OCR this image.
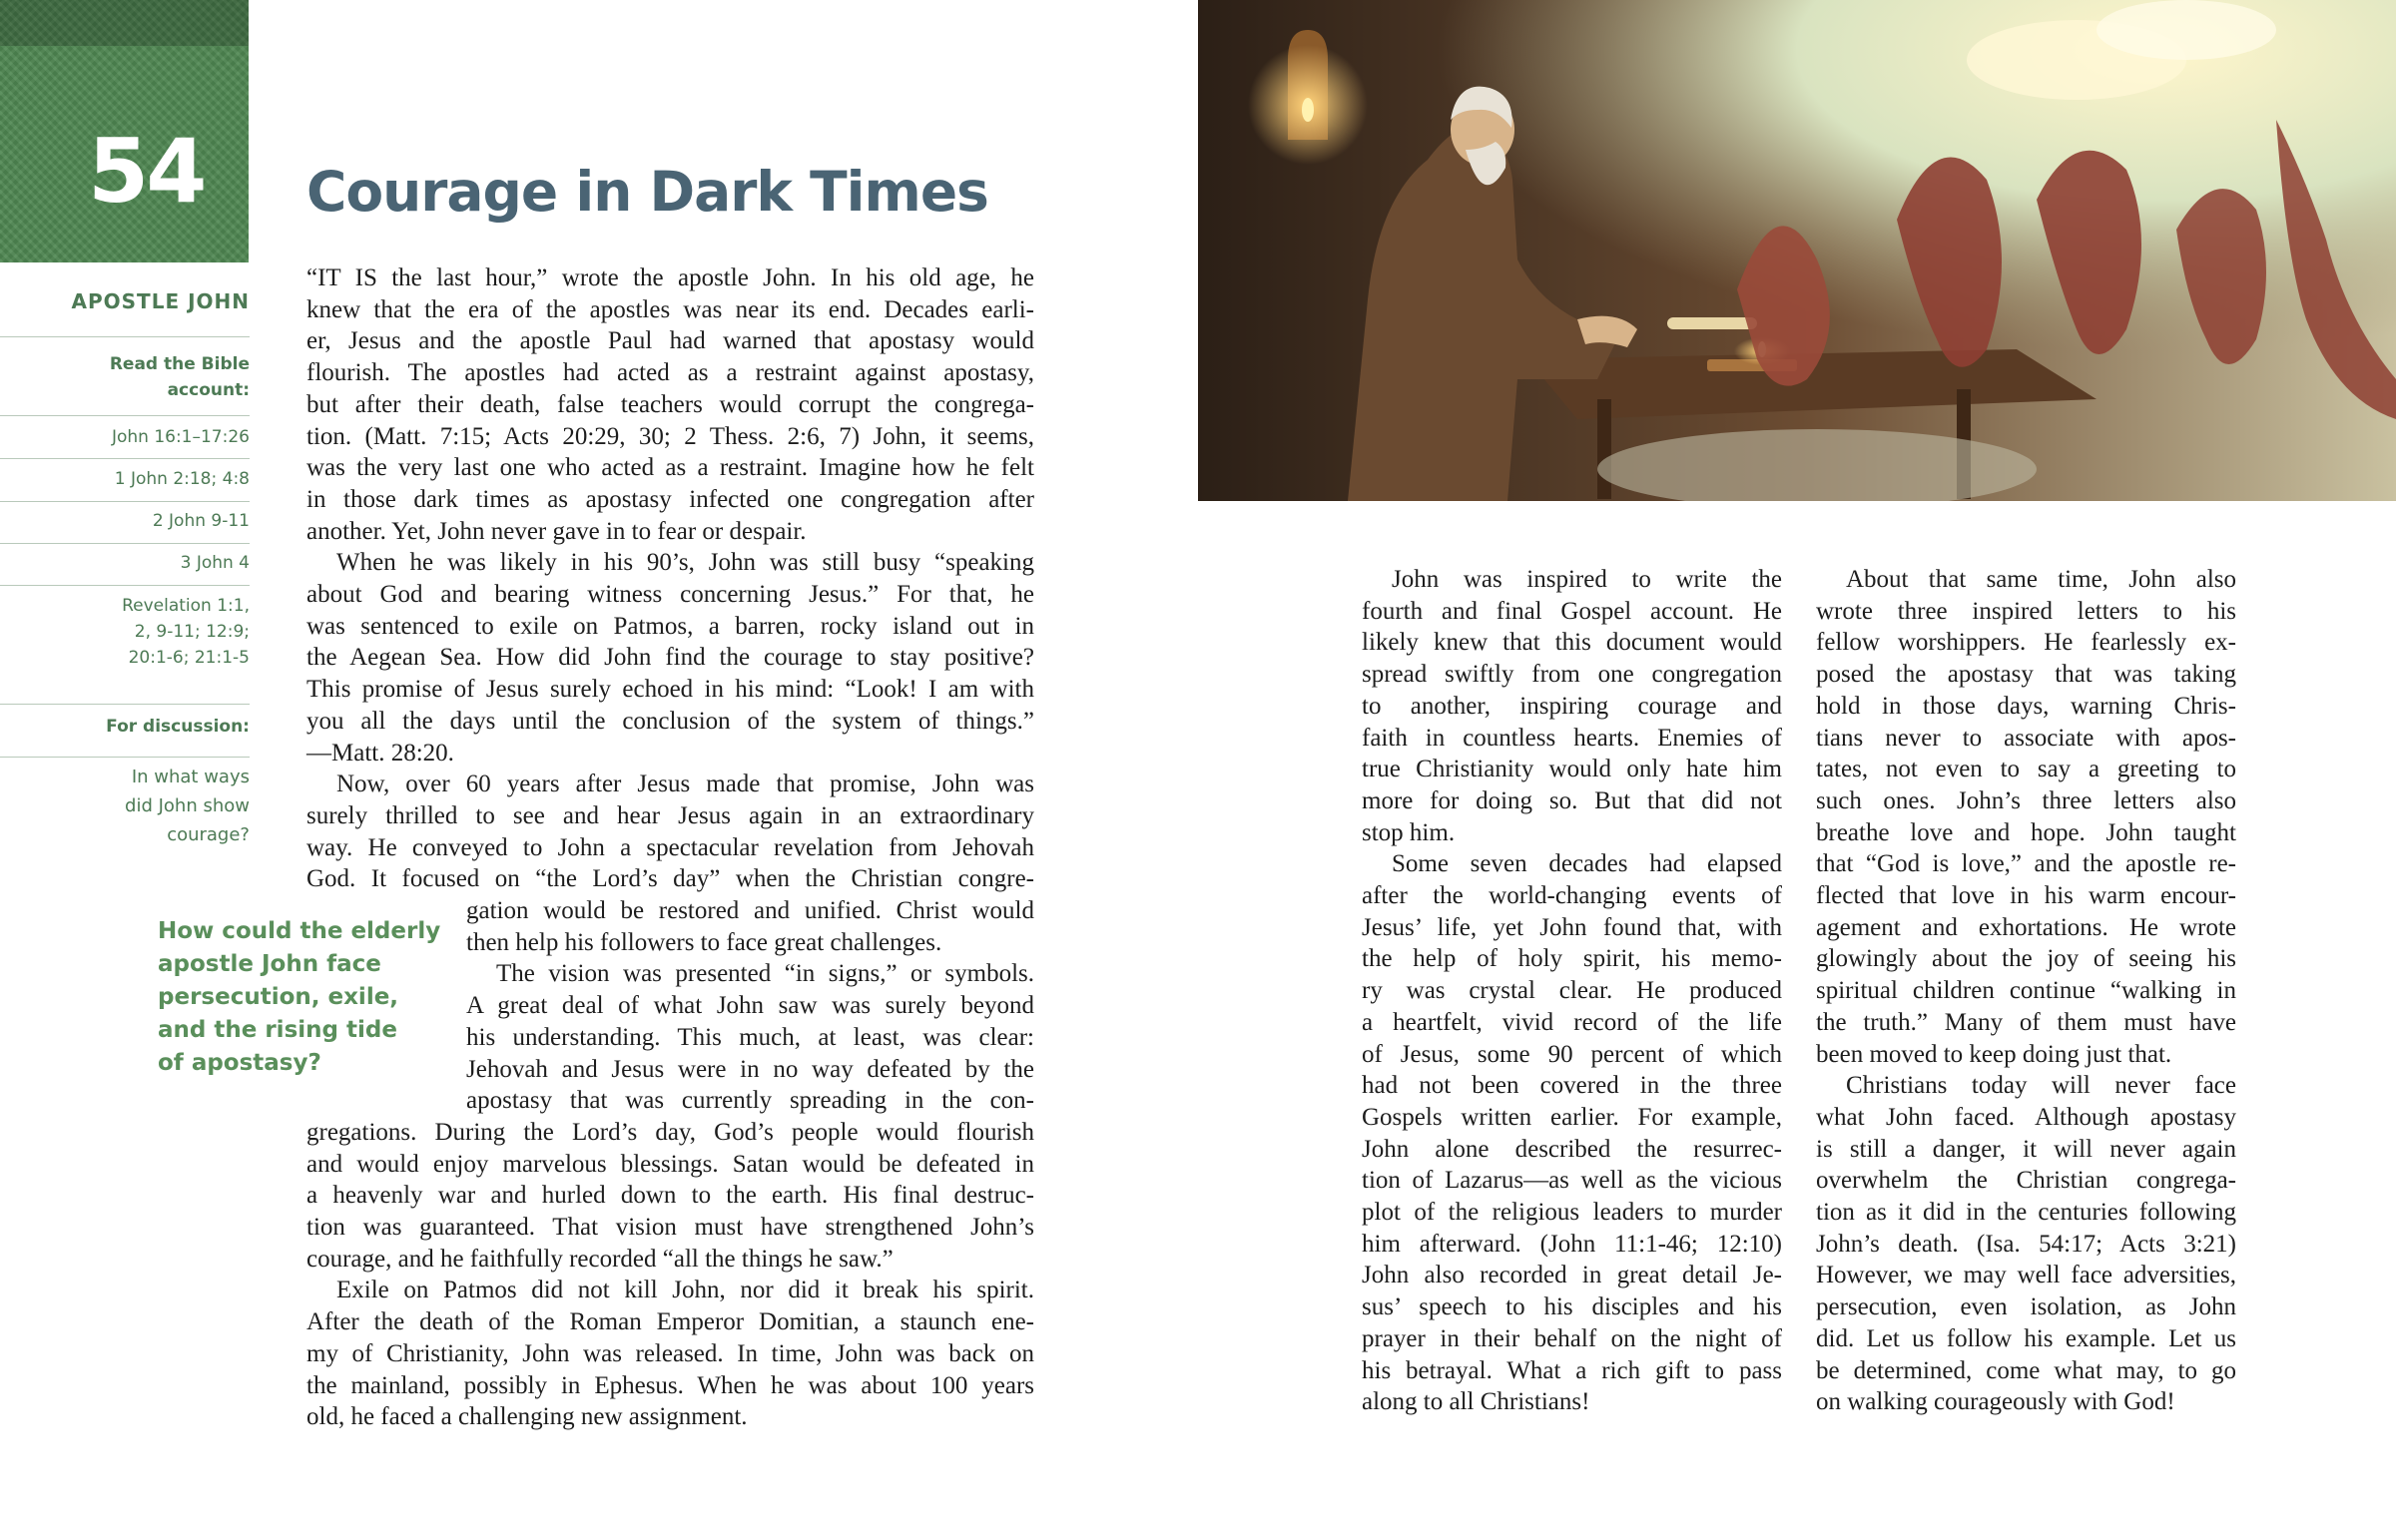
54
APOSTLE JOHN
Read the Bible
account:
John 16:1–17:26
1 John 2:18; 4:8
2 John 9-11
3 John 4
Revelation 1:1,
2, 9-11; 12:9;
20:1-6; 21:1-5
For discussion:
In what ways
did John show
courage?
Courage in Dark Times
How could the elderly
apostle John face
persecution, exile,
and the rising tide
of apostasy?
“IT IS the last hour,” wrote the apostle John. In his old age, he
knew that the era of the apostles was near its end. Decades earli-
er, Jesus and the apostle Paul had warned that apostasy would
flourish. The apostles had acted as a restraint against apostasy,
but after their death, false teachers would corrupt the congrega-
tion. (Matt. 7:15; Acts 20:29, 30; 2 Thess. 2:6, 7) John, it seems,
was the very last one who acted as a restraint. Imagine how he felt
in those dark times as apostasy infected one congregation after
another. Yet, John never gave in to fear or despair.
When he was likely in his 90’s, John was still busy “speaking
about God and bearing witness concerning Jesus.” For that, he
was sentenced to exile on Patmos, a barren, rocky island out in
the Aegean Sea. How did John find the courage to stay positive?
This promise of Jesus surely echoed in his mind: “Look! I am with
you all the days until the conclusion of the system of things.”
—Matt. 28:20.
Now, over 60 years after Jesus made that promise, John was
surely thrilled to see and hear Jesus again in an extraordinary
way. He conveyed to John a spectacular revelation from Jehovah
God. It focused on “the Lord’s day” when the Christian congre-
gation would be restored and unified. Christ would
then help his followers to face great challenges.
The vision was presented “in signs,” or symbols.
A great deal of what John saw was surely beyond
his understanding. This much, at least, was clear:
Jehovah and Jesus were in no way defeated by the
apostasy that was currently spreading in the con-
gregations. During the Lord’s day, God’s people would flourish
and would enjoy marvelous blessings. Satan would be defeated in
a heavenly war and hurled down to the earth. His final destruc-
tion was guaranteed. That vision must have strengthened John’s
courage, and he faithfully recorded “all the things he saw.”
Exile on Patmos did not kill John, nor did it break his spirit.
After the death of the Roman Emperor Domitian, a staunch ene-
my of Christianity, John was released. In time, John was back on
the mainland, possibly in Ephesus. When he was about 100 years
old, he faced a challenging new assignment.
John was inspired to write the
fourth and final Gospel account. He
likely knew that this document would
spread swiftly from one congregation
to another, inspiring courage and
faith in countless hearts. Enemies of
true Christianity would only hate him
more for doing so. But that did not
stop him.
Some seven decades had elapsed
after the world-changing events of
Jesus’ life, yet John found that, with
the help of holy spirit, his memo-
ry was crystal clear. He produced
a heartfelt, vivid record of the life
of Jesus, some 90 percent of which
had not been covered in the three
Gospels written earlier. For example,
John alone described the resurrec-
tion of Lazarus—as well as the vicious
plot of the religious leaders to murder
him afterward. (John 11:1-46; 12:10)
John also recorded in great detail Je-
sus’ speech to his disciples and his
prayer in their behalf on the night of
his betrayal. What a rich gift to pass
along to all Christians!
About that same time, John also
wrote three inspired letters to his
fellow worshippers. He fearlessly ex-
posed the apostasy that was taking
hold in those days, warning Chris-
tians never to associate with apos-
tates, not even to say a greeting to
such ones. John’s three letters also
breathe love and hope. John taught
that “God is love,” and the apostle re-
flected that love in his warm encour-
agement and exhortations. He wrote
glowingly about the joy of seeing his
spiritual children continue “walking in
the truth.” Many of them must have
been moved to keep doing just that.
Christians today will never face
what John faced. Although apostasy
is still a danger, it will never again
overwhelm the Christian congrega-
tion as it did in the centuries following
John’s death. (Isa. 54:17; Acts 3:21)
However, we may well face adversities,
persecution, even isolation, as John
did. Let us follow his example. Let us
be determined, come what may, to go
on walking courageously with God!
